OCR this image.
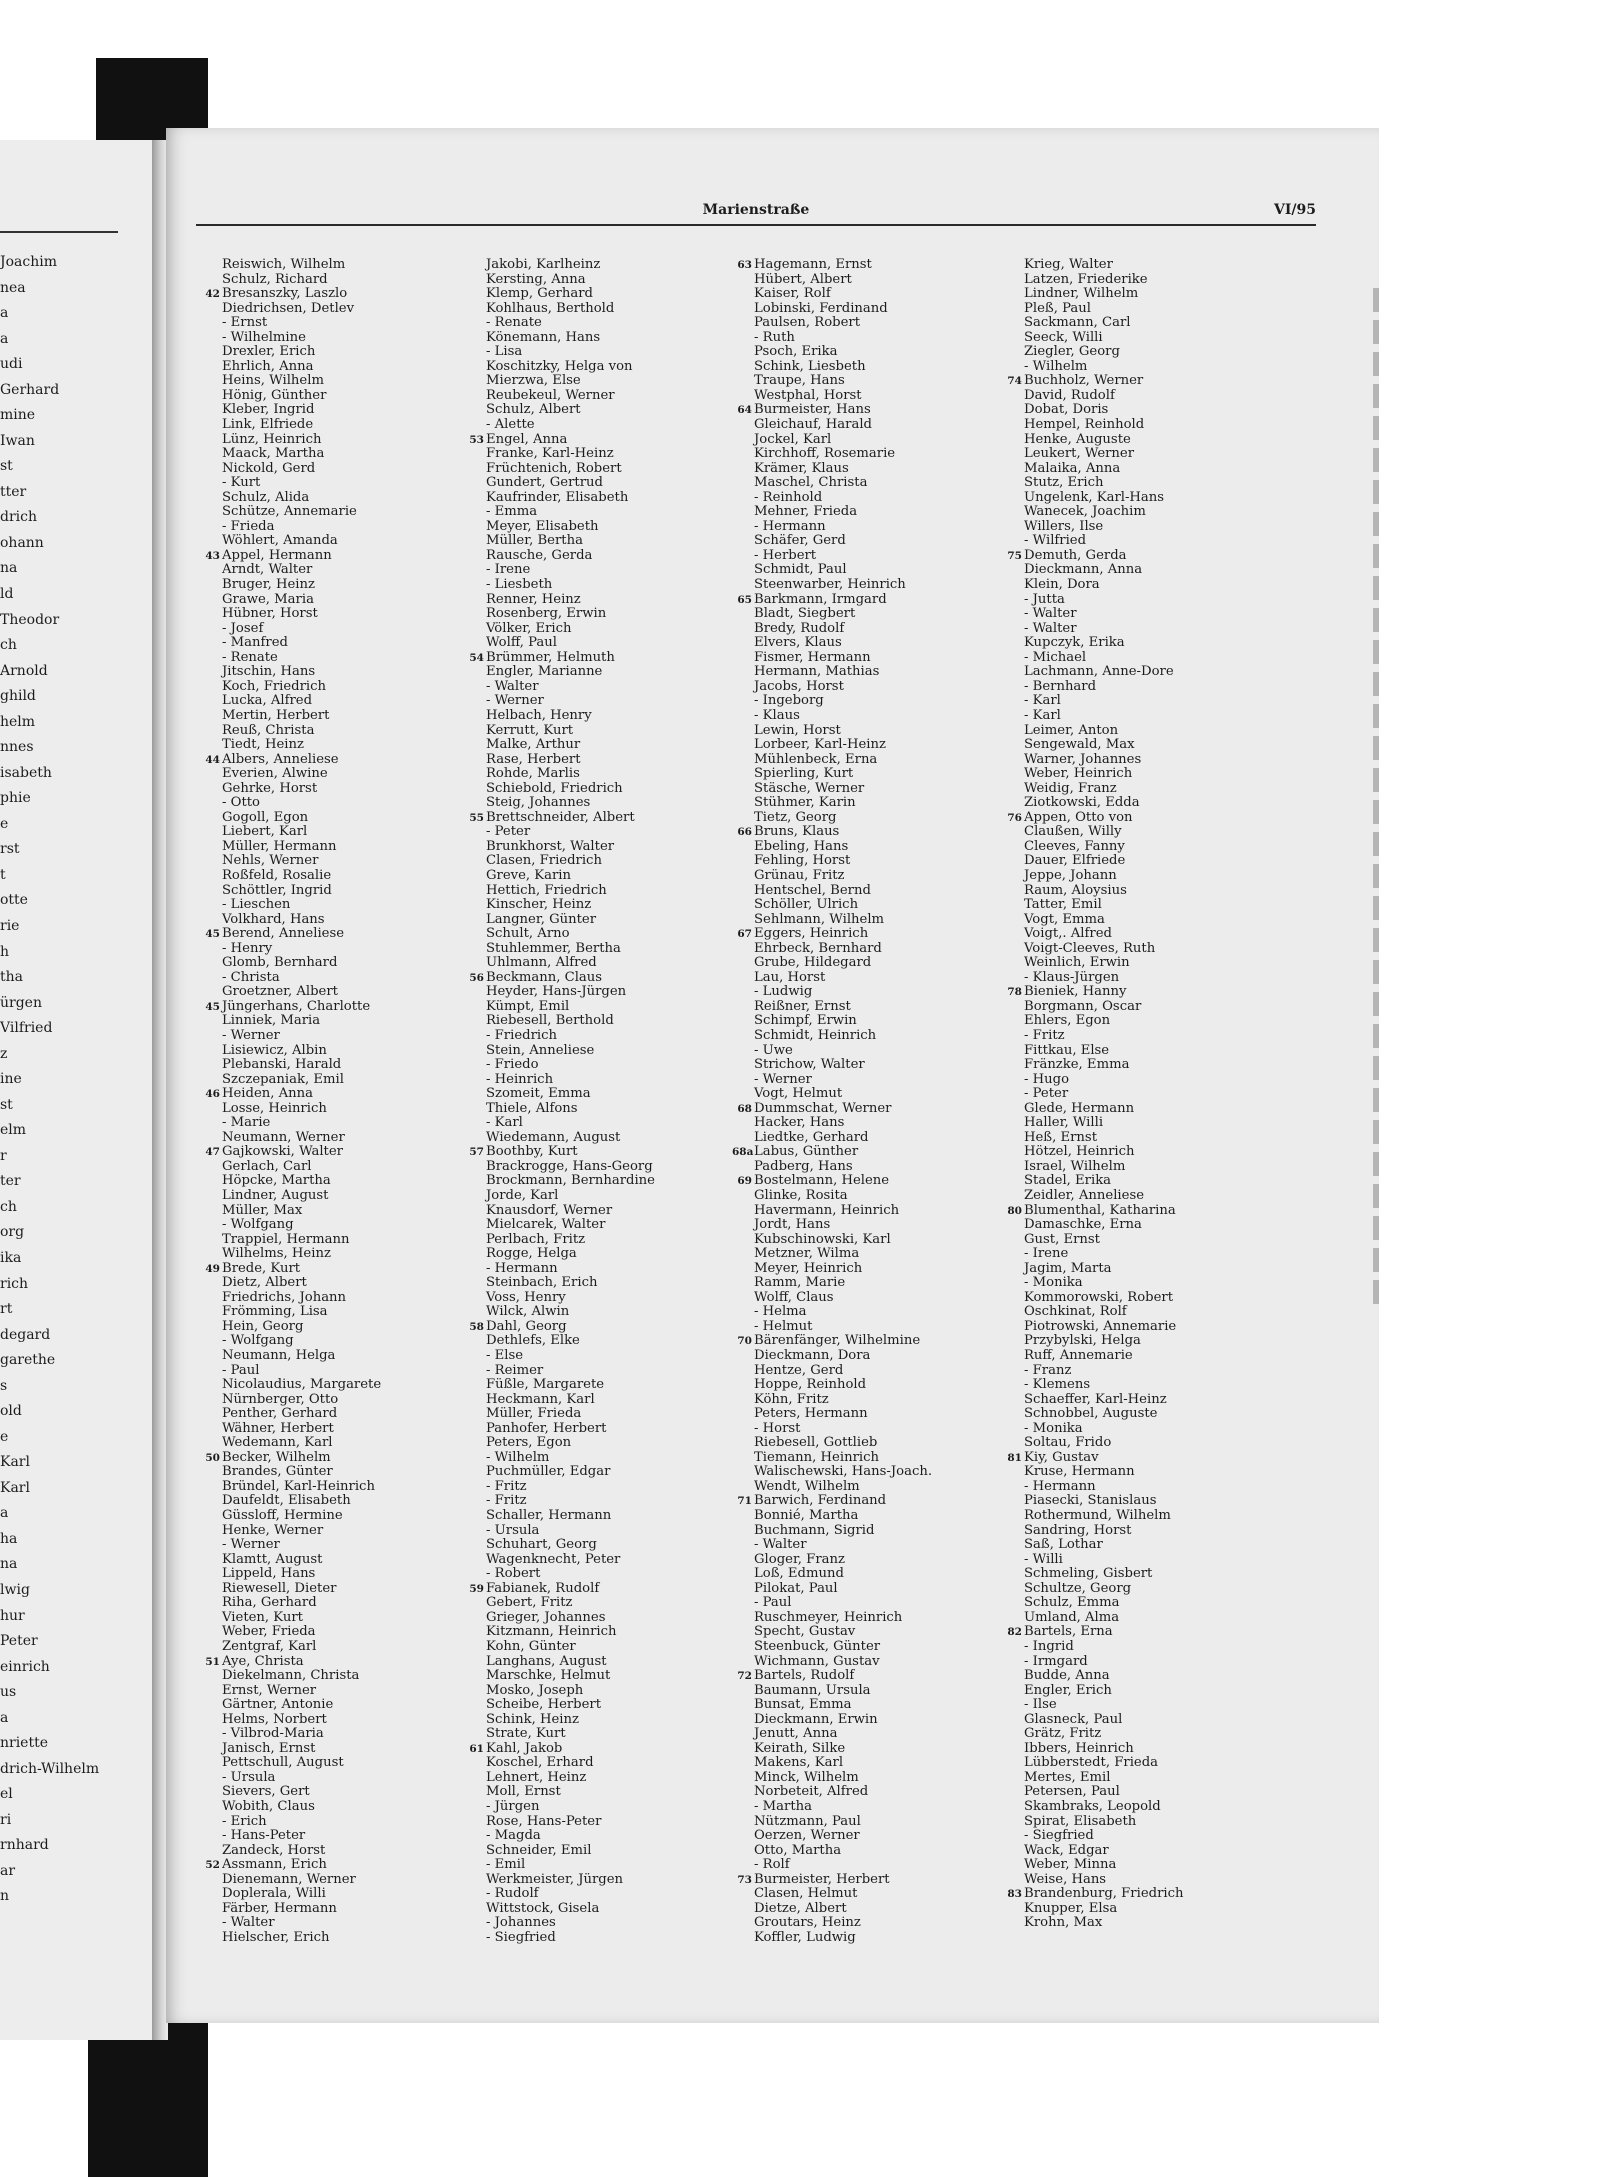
Joachim
nea
a
a
udi
Gerhard
mine
Iwan
st
tter
drich
ohann
na
ld
Theodor
ch
Arnold
ghild
helm
nnes
isabeth
phie
e
rst
t
otte
rie
h
tha
ürgen
Vilfried
z
ine
st
elm
r
ter
ch
org
ika
rich
rt
degard
garethe
s
old
e
Karl
Karl
a
ha
na
lwig
hur
Peter
einrich
us
a
nriette
drich-Wilhelm
el
ri
rnhard
ar
n
Marienstraße	VI/95
Reiswich, Wilhelm
Schulz, Richard
42 Bresanszky, Laszlo
Diedrichsen, Detlev
- Ernst
- Wilhelmine
Drexler, Erich
Ehrlich, Anna
Heins, Wilhelm
Hönig, Günther
Kleber, Ingrid
Link, Elfriede
Lünz, Heinrich
Maack, Martha
Nickold, Gerd
- Kurt
Schulz, Alida
Schütze, Annemarie
- Frieda
Wöhlert, Amanda
43 Appel, Hermann
Arndt, Walter
Bruger, Heinz
Grawe, Maria
Hübner, Horst
- Josef
- Manfred
- Renate
Jitschin, Hans
Koch, Friedrich
Lucka, Alfred
Mertin, Herbert
Reuß, Christa
Tiedt, Heinz
44 Albers, Anneliese
Everien, Alwine
Gehrke, Horst
- Otto
Gogoll, Egon
Liebert, Karl
Müller, Hermann
Nehls, Werner
Roßfeld, Rosalie
Schöttler, Ingrid
- Lieschen
Volkhard, Hans
45 Berend, Anneliese
- Henry
Glomb, Bernhard
- Christa
Groetzner, Albert
45 Jüngerhans, Charlotte
Linniek, Maria
- Werner
Lisiewicz, Albin
Plebanski, Harald
Szczepaniak, Emil
46 Heiden, Anna
Losse, Heinrich
- Marie
Neumann, Werner
47 Gajkowski, Walter
Gerlach, Carl
Höpcke, Martha
Lindner, August
Müller, Max
- Wolfgang
Trappiel, Hermann
Wilhelms, Heinz
49 Brede, Kurt
Dietz, Albert
Friedrichs, Johann
Frömming, Lisa
Hein, Georg
- Wolfgang
Neumann, Helga
- Paul
Nicolaudius, Margarete
Nürnberger, Otto
Penther, Gerhard
Wähner, Herbert
Wedemann, Karl
50 Becker, Wilhelm
Brandes, Günter
Bründel, Karl-Heinrich
Daufeldt, Elisabeth
Güssloff, Hermine
Henke, Werner
- Werner
Klamtt, August
Lippeld, Hans
Riewesell, Dieter
Riha, Gerhard
Vieten, Kurt
Weber, Frieda
Zentgraf, Karl
51 Aye, Christa
Diekelmann, Christa
Ernst, Werner
Gärtner, Antonie
Helms, Norbert
- Vilbrod-Maria
Janisch, Ernst
Pettschull, August
- Ursula
Sievers, Gert
Wobith, Claus
- Erich
- Hans-Peter
Zandeck, Horst
52 Assmann, Erich
Dienemann, Werner
Doplerala, Willi
Färber, Hermann
- Walter
Hielscher, Erich
Jakobi, Karlheinz
Kersting, Anna
Klemp, Gerhard
Kohlhaus, Berthold
- Renate
Könemann, Hans
- Lisa
Koschitzky, Helga von
Mierzwa, Else
Reubekeul, Werner
Schulz, Albert
- Alette
53 Engel, Anna
Franke, Karl-Heinz
Früchtenich, Robert
Gundert, Gertrud
Kaufrinder, Elisabeth
- Emma
Meyer, Elisabeth
Müller, Bertha
Rausche, Gerda
- Irene
- Liesbeth
Renner, Heinz
Rosenberg, Erwin
Völker, Erich
Wolff, Paul
54 Brümmer, Helmuth
Engler, Marianne
- Walter
- Werner
Helbach, Henry
Kerrutt, Kurt
Malke, Arthur
Rase, Herbert
Rohde, Marlis
Schiebold, Friedrich
Steig, Johannes
55 Brettschneider, Albert
- Peter
Brunkhorst, Walter
Clasen, Friedrich
Greve, Karin
Hettich, Friedrich
Kinscher, Heinz
Langner, Günter
Schult, Arno
Stuhlemmer, Bertha
Uhlmann, Alfred
56 Beckmann, Claus
Heyder, Hans-Jürgen
Kümpt, Emil
Riebesell, Berthold
- Friedrich
Stein, Anneliese
- Friedo
- Heinrich
Szomeit, Emma
Thiele, Alfons
- Karl
Wiedemann, August
57 Boothby, Kurt
Brackrogge, Hans-Georg
Brockmann, Bernhardine
Jorde, Karl
Knausdorf, Werner
Mielcarek, Walter
Perlbach, Fritz
Rogge, Helga
- Hermann
Steinbach, Erich
Voss, Henry
Wilck, Alwin
58 Dahl, Georg
Dethlefs, Elke
- Else
- Reimer
Füßle, Margarete
Heckmann, Karl
Müller, Frieda
Panhofer, Herbert
Peters, Egon
- Wilhelm
Puchmüller, Edgar
- Fritz
- Fritz
Schaller, Hermann
- Ursula
Schuhart, Georg
Wagenknecht, Peter
- Robert
59 Fabianek, Rudolf
Gebert, Fritz
Grieger, Johannes
Kitzmann, Heinrich
Kohn, Günter
Langhans, August
Marschke, Helmut
Mosko, Joseph
Scheibe, Herbert
Schink, Heinz
Strate, Kurt
61 Kahl, Jakob
Koschel, Erhard
Lehnert, Heinz
Moll, Ernst
- Jürgen
Rose, Hans-Peter
- Magda
Schneider, Emil
- Emil
Werkmeister, Jürgen
- Rudolf
Wittstock, Gisela
- Johannes
- Siegfried
63 Hagemann, Ernst
Hübert, Albert
Kaiser, Rolf
Lobinski, Ferdinand
Paulsen, Robert
- Ruth
Psoch, Erika
Schink, Liesbeth
Traupe, Hans
Westphal, Horst
64 Burmeister, Hans
Gleichauf, Harald
Jockel, Karl
Kirchhoff, Rosemarie
Krämer, Klaus
Maschel, Christa
- Reinhold
Mehner, Frieda
- Hermann
Schäfer, Gerd
- Herbert
Schmidt, Paul
Steenwarber, Heinrich
65 Barkmann, Irmgard
Bladt, Siegbert
Bredy, Rudolf
Elvers, Klaus
Fismer, Hermann
Hermann, Mathias
Jacobs, Horst
- Ingeborg
- Klaus
Lewin, Horst
Lorbeer, Karl-Heinz
Mühlenbeck, Erna
Spierling, Kurt
Stäsche, Werner
Stühmer, Karin
Tietz, Georg
66 Bruns, Klaus
Ebeling, Hans
Fehling, Horst
Grünau, Fritz
Hentschel, Bernd
Schöller, Ulrich
Sehlmann, Wilhelm
67 Eggers, Heinrich
Ehrbeck, Bernhard
Grube, Hildegard
Lau, Horst
- Ludwig
Reißner, Ernst
Schimpf, Erwin
Schmidt, Heinrich
- Uwe
Strichow, Walter
- Werner
Vogt, Helmut
68 Dummschat, Werner
Hacker, Hans
Liedtke, Gerhard
68a Labus, Günther
Padberg, Hans
69 Bostelmann, Helene
Glinke, Rosita
Havermann, Heinrich
Jordt, Hans
Kubschinowski, Karl
Metzner, Wilma
Meyer, Heinrich
Ramm, Marie
Wolff, Claus
- Helma
- Helmut
70 Bärenfänger, Wilhelmine
Dieckmann, Dora
Hentze, Gerd
Hoppe, Reinhold
Köhn, Fritz
Peters, Hermann
- Horst
Riebesell, Gottlieb
Tiemann, Heinrich
Walischewski, Hans-Joach.
Wendt, Wilhelm
71 Barwich, Ferdinand
Bonnié, Martha
Buchmann, Sigrid
- Walter
Gloger, Franz
Loß, Edmund
Pilokat, Paul
- Paul
Ruschmeyer, Heinrich
Specht, Gustav
Steenbuck, Günter
Wichmann, Gustav
72 Bartels, Rudolf
Baumann, Ursula
Bunsat, Emma
Dieckmann, Erwin
Jenutt, Anna
Keirath, Silke
Makens, Karl
Minck, Wilhelm
Norbeteit, Alfred
- Martha
Nützmann, Paul
Oerzen, Werner
Otto, Martha
- Rolf
73 Burmeister, Herbert
Clasen, Helmut
Dietze, Albert
Groutars, Heinz
Koffler, Ludwig
Krieg, Walter
Latzen, Friederike
Lindner, Wilhelm
Pleß, Paul
Sackmann, Carl
Seeck, Willi
Ziegler, Georg
- Wilhelm
74 Buchholz, Werner
David, Rudolf
Dobat, Doris
Hempel, Reinhold
Henke, Auguste
Leukert, Werner
Malaika, Anna
Stutz, Erich
Ungelenk, Karl-Hans
Wanecek, Joachim
Willers, Ilse
- Wilfried
75 Demuth, Gerda
Dieckmann, Anna
Klein, Dora
- Jutta
- Walter
- Walter
Kupczyk, Erika
- Michael
Lachmann, Anne-Dore
- Bernhard
- Karl
- Karl
Leimer, Anton
Sengewald, Max
Warner, Johannes
Weber, Heinrich
Weidig, Franz
Ziotkowski, Edda
76 Appen, Otto von
Claußen, Willy
Cleeves, Fanny
Dauer, Elfriede
Jeppe, Johann
Raum, Aloysius
Tatter, Emil
Vogt, Emma
Voigt,. Alfred
Voigt-Cleeves, Ruth
Weinlich, Erwin
- Klaus-Jürgen
78 Bieniek, Hanny
Borgmann, Oscar
Ehlers, Egon
- Fritz
Fittkau, Else
Fränzke, Emma
- Hugo
- Peter
Glede, Hermann
Haller, Willi
Heß, Ernst
Hötzel, Heinrich
Israel, Wilhelm
Stadel, Erika
Zeidler, Anneliese
80 Blumenthal, Katharina
Damaschke, Erna
Gust, Ernst
- Irene
Jagim, Marta
- Monika
Kommorowski, Robert
Oschkinat, Rolf
Piotrowski, Annemarie
Przybylski, Helga
Ruff, Annemarie
- Franz
- Klemens
Schaeffer, Karl-Heinz
Schnobbel, Auguste
- Monika
Soltau, Frido
81 Kiy, Gustav
Kruse, Hermann
- Hermann
Piasecki, Stanislaus
Rothermund, Wilhelm
Sandring, Horst
Saß, Lothar
- Willi
Schmeling, Gisbert
Schultze, Georg
Schulz, Emma
Umland, Alma
82 Bartels, Erna
- Ingrid
- Irmgard
Budde, Anna
Engler, Erich
- Ilse
Glasneck, Paul
Grätz, Fritz
Ibbers, Heinrich
Lübberstedt, Frieda
Mertes, Emil
Petersen, Paul
Skambraks, Leopold
Spirat, Elisabeth
- Siegfried
Wack, Edgar
Weber, Minna
Weise, Hans
83 Brandenburg, Friedrich
Knupper, Elsa
Krohn, Max
